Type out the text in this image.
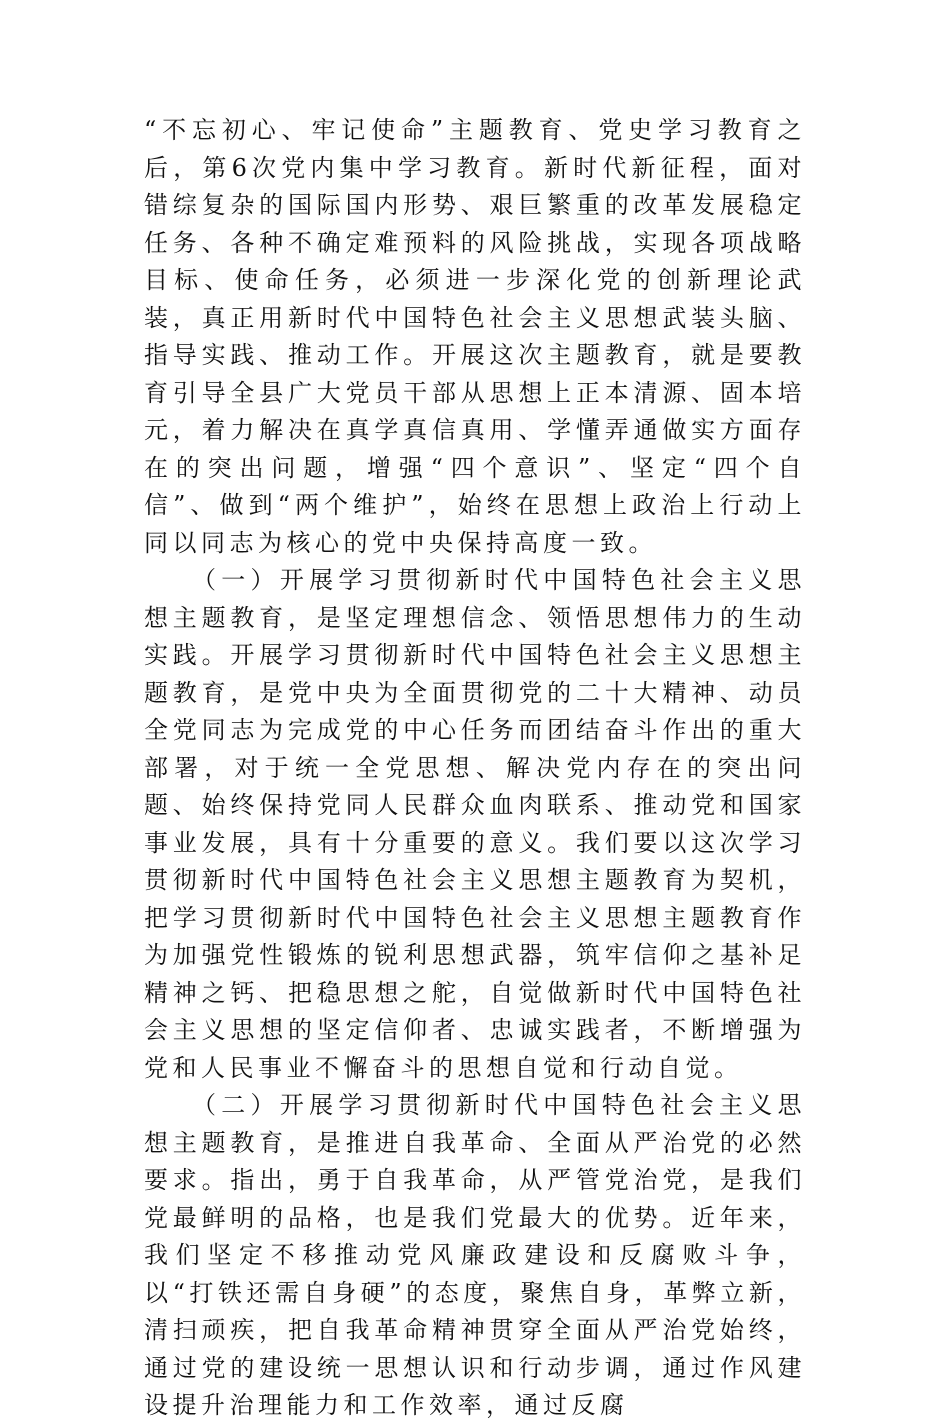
“不忘初心、牢记使命”主题教育、党史学习教育之后，第6次党内集中学习教育。新时代新征程，面对错综复杂的国际国内形势、艰巨繁重的改革发展稳定任务、各种不确定难预料的风险挑战，实现各项战略目标、使命任务，必须进一步深化党的创新理论武装，真正用新时代中国特色社会主义思想武装头脑、指导实践、推动工作。开展这次主题教育，就是要教育引导全县广大党员干部从思想上正本清源、固本培元，着力解决在真学真信真用、学懂弄通做实方面存在的突出问题，增强“四个意识”、坚定“四个自信”、做到“两个维护”，始终在思想上政治上行动上同以同志为核心的党中央保持高度一致。

（一）开展学习贯彻新时代中国特色社会主义思想主题教育，是坚定理想信念、领悟思想伟力的生动实践。开展学习贯彻新时代中国特色社会主义思想主题教育，是党中央为全面贯彻党的二十大精神、动员全党同志为完成党的中心任务而团结奋斗作出的重大部署，对于统一全党思想、解决党内存在的突出问题、始终保持党同人民群众血肉联系、推动党和国家事业发展，具有十分重要的意义。我们要以这次学习贯彻新时代中国特色社会主义思想主题教育为契机，把学习贯彻新时代中国特色社会主义思想主题教育作为加强党性锻炼的锐利思想武器，筑牢信仰之基补足精神之钙、把稳思想之舵，自觉做新时代中国特色社会主义思想的坚定信仰者、忠诚实践者，不断增强为党和人民事业不懈奋斗的思想自觉和行动自觉。

（二）开展学习贯彻新时代中国特色社会主义思想主题教育，是推进自我革命、全面从严治党的必然要求。指出，勇于自我革命，从严管党治党，是我们党最鲜明的品格，也是我们党最大的优势。近年来，我们坚定不移推动党风廉政建设和反腐败斗争，以“打铁还需自身硬”的态度，聚焦自身，革弊立新，清扫顽疾，把自我革命精神贯穿全面从严治党始终，通过党的建设统一思想认识和行动步调，通过作风建设提升治理能力和工作效率，通过反腐
